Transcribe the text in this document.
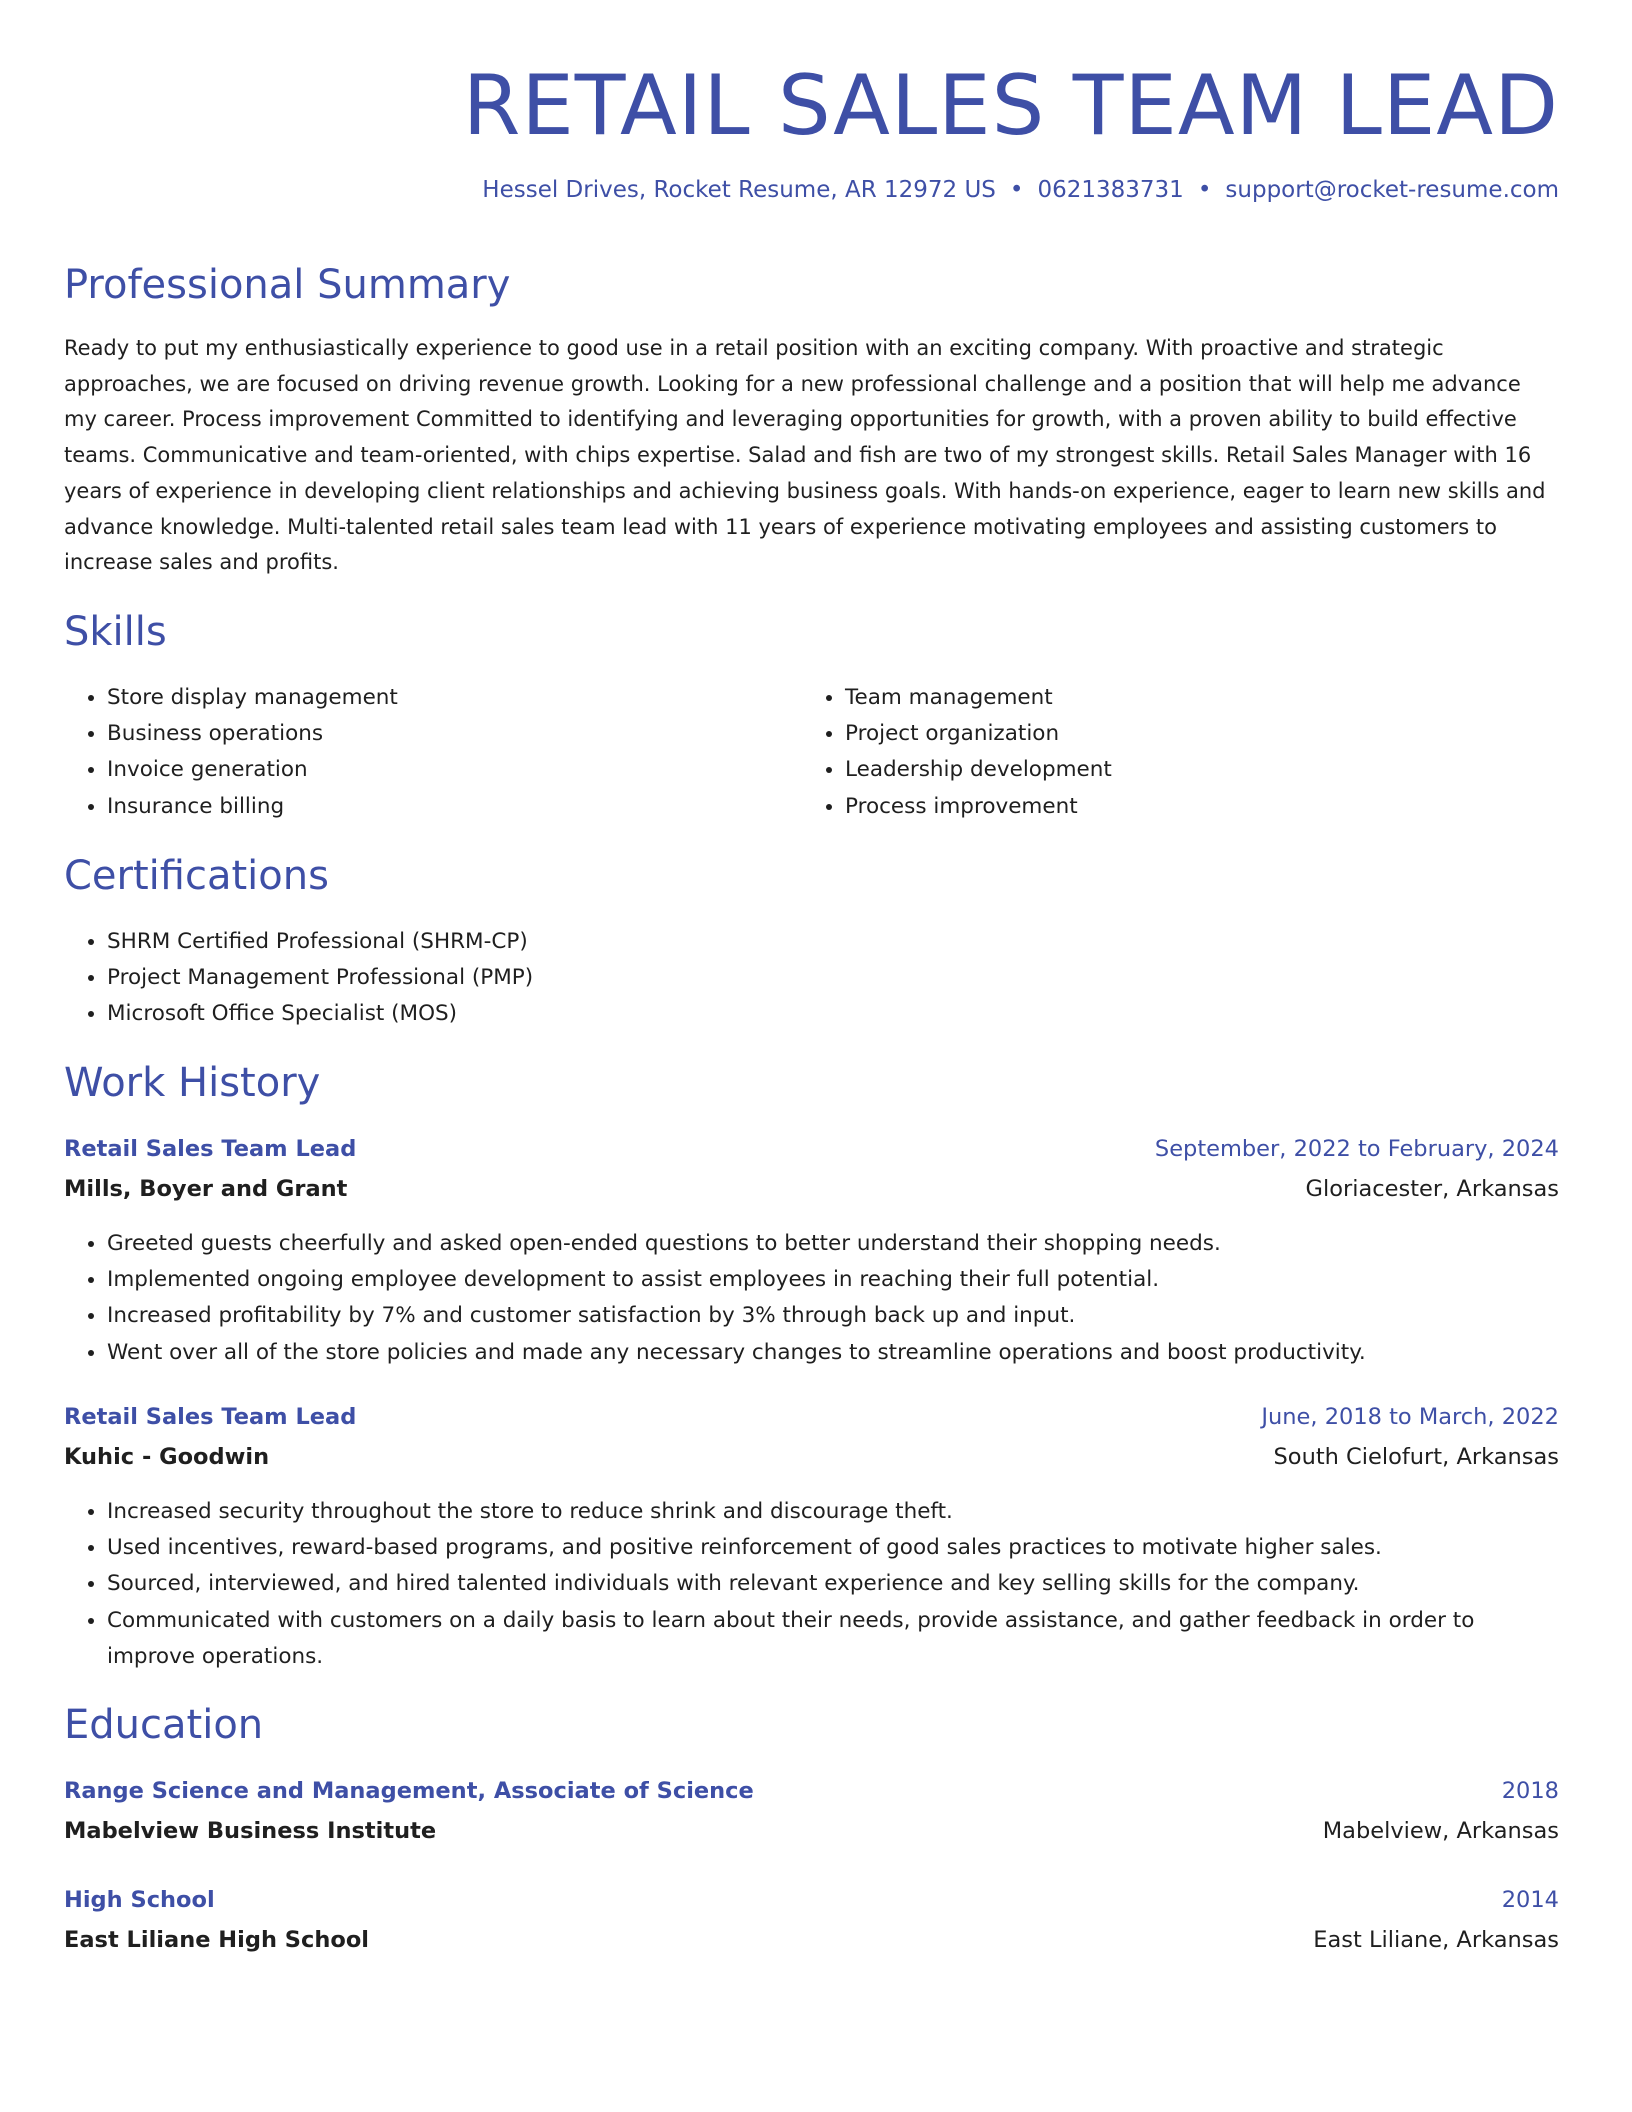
RETAIL SALES TEAM LEAD
Hessel Drives, Rocket Resume, AR 12972 US • 0621383731 • support@rocket-resume.com
Professional Summary
Ready to put my enthusiastically experience to good use in a retail position with an exciting company. With proactive and strategic approaches, we are focused on driving revenue growth. Looking for a new professional challenge and a position that will help me advance my career. Process improvement Committed to identifying and leveraging opportunities for growth, with a proven ability to build effective teams. Communicative and team-oriented, with chips expertise. Salad and fish are two of my strongest skills. Retail Sales Manager with 16 years of experience in developing client relationships and achieving business goals. With hands-on experience, eager to learn new skills and advance knowledge. Multi-talented retail sales team lead with 11 years of experience motivating employees and assisting customers to increase sales and profits.
Skills
• Store display management
• Business operations
• Invoice generation
• Insurance billing
• Team management
• Project organization
• Leadership development
• Process improvement
Certifications
• SHRM Certified Professional (SHRM-CP)
• Project Management Professional (PMP)
• Microsoft Office Specialist (MOS)
Work History
Retail Sales Team Lead	September, 2022 to February, 2024
Mills, Boyer and Grant	Gloriacester, Arkansas
• Greeted guests cheerfully and asked open-ended questions to better understand their shopping needs.
• Implemented ongoing employee development to assist employees in reaching their full potential.
• Increased profitability by 7% and customer satisfaction by 3% through back up and input.
• Went over all of the store policies and made any necessary changes to streamline operations and boost productivity.
Retail Sales Team Lead	June, 2018 to March, 2022
Kuhic - Goodwin	South Cielofurt, Arkansas
• Increased security throughout the store to reduce shrink and discourage theft.
• Used incentives, reward-based programs, and positive reinforcement of good sales practices to motivate higher sales.
• Sourced, interviewed, and hired talented individuals with relevant experience and key selling skills for the company.
• Communicated with customers on a daily basis to learn about their needs, provide assistance, and gather feedback in order to improve operations.
Education
Range Science and Management, Associate of Science	2018
Mabelview Business Institute	Mabelview, Arkansas
High School	2014
East Liliane High School	East Liliane, Arkansas
